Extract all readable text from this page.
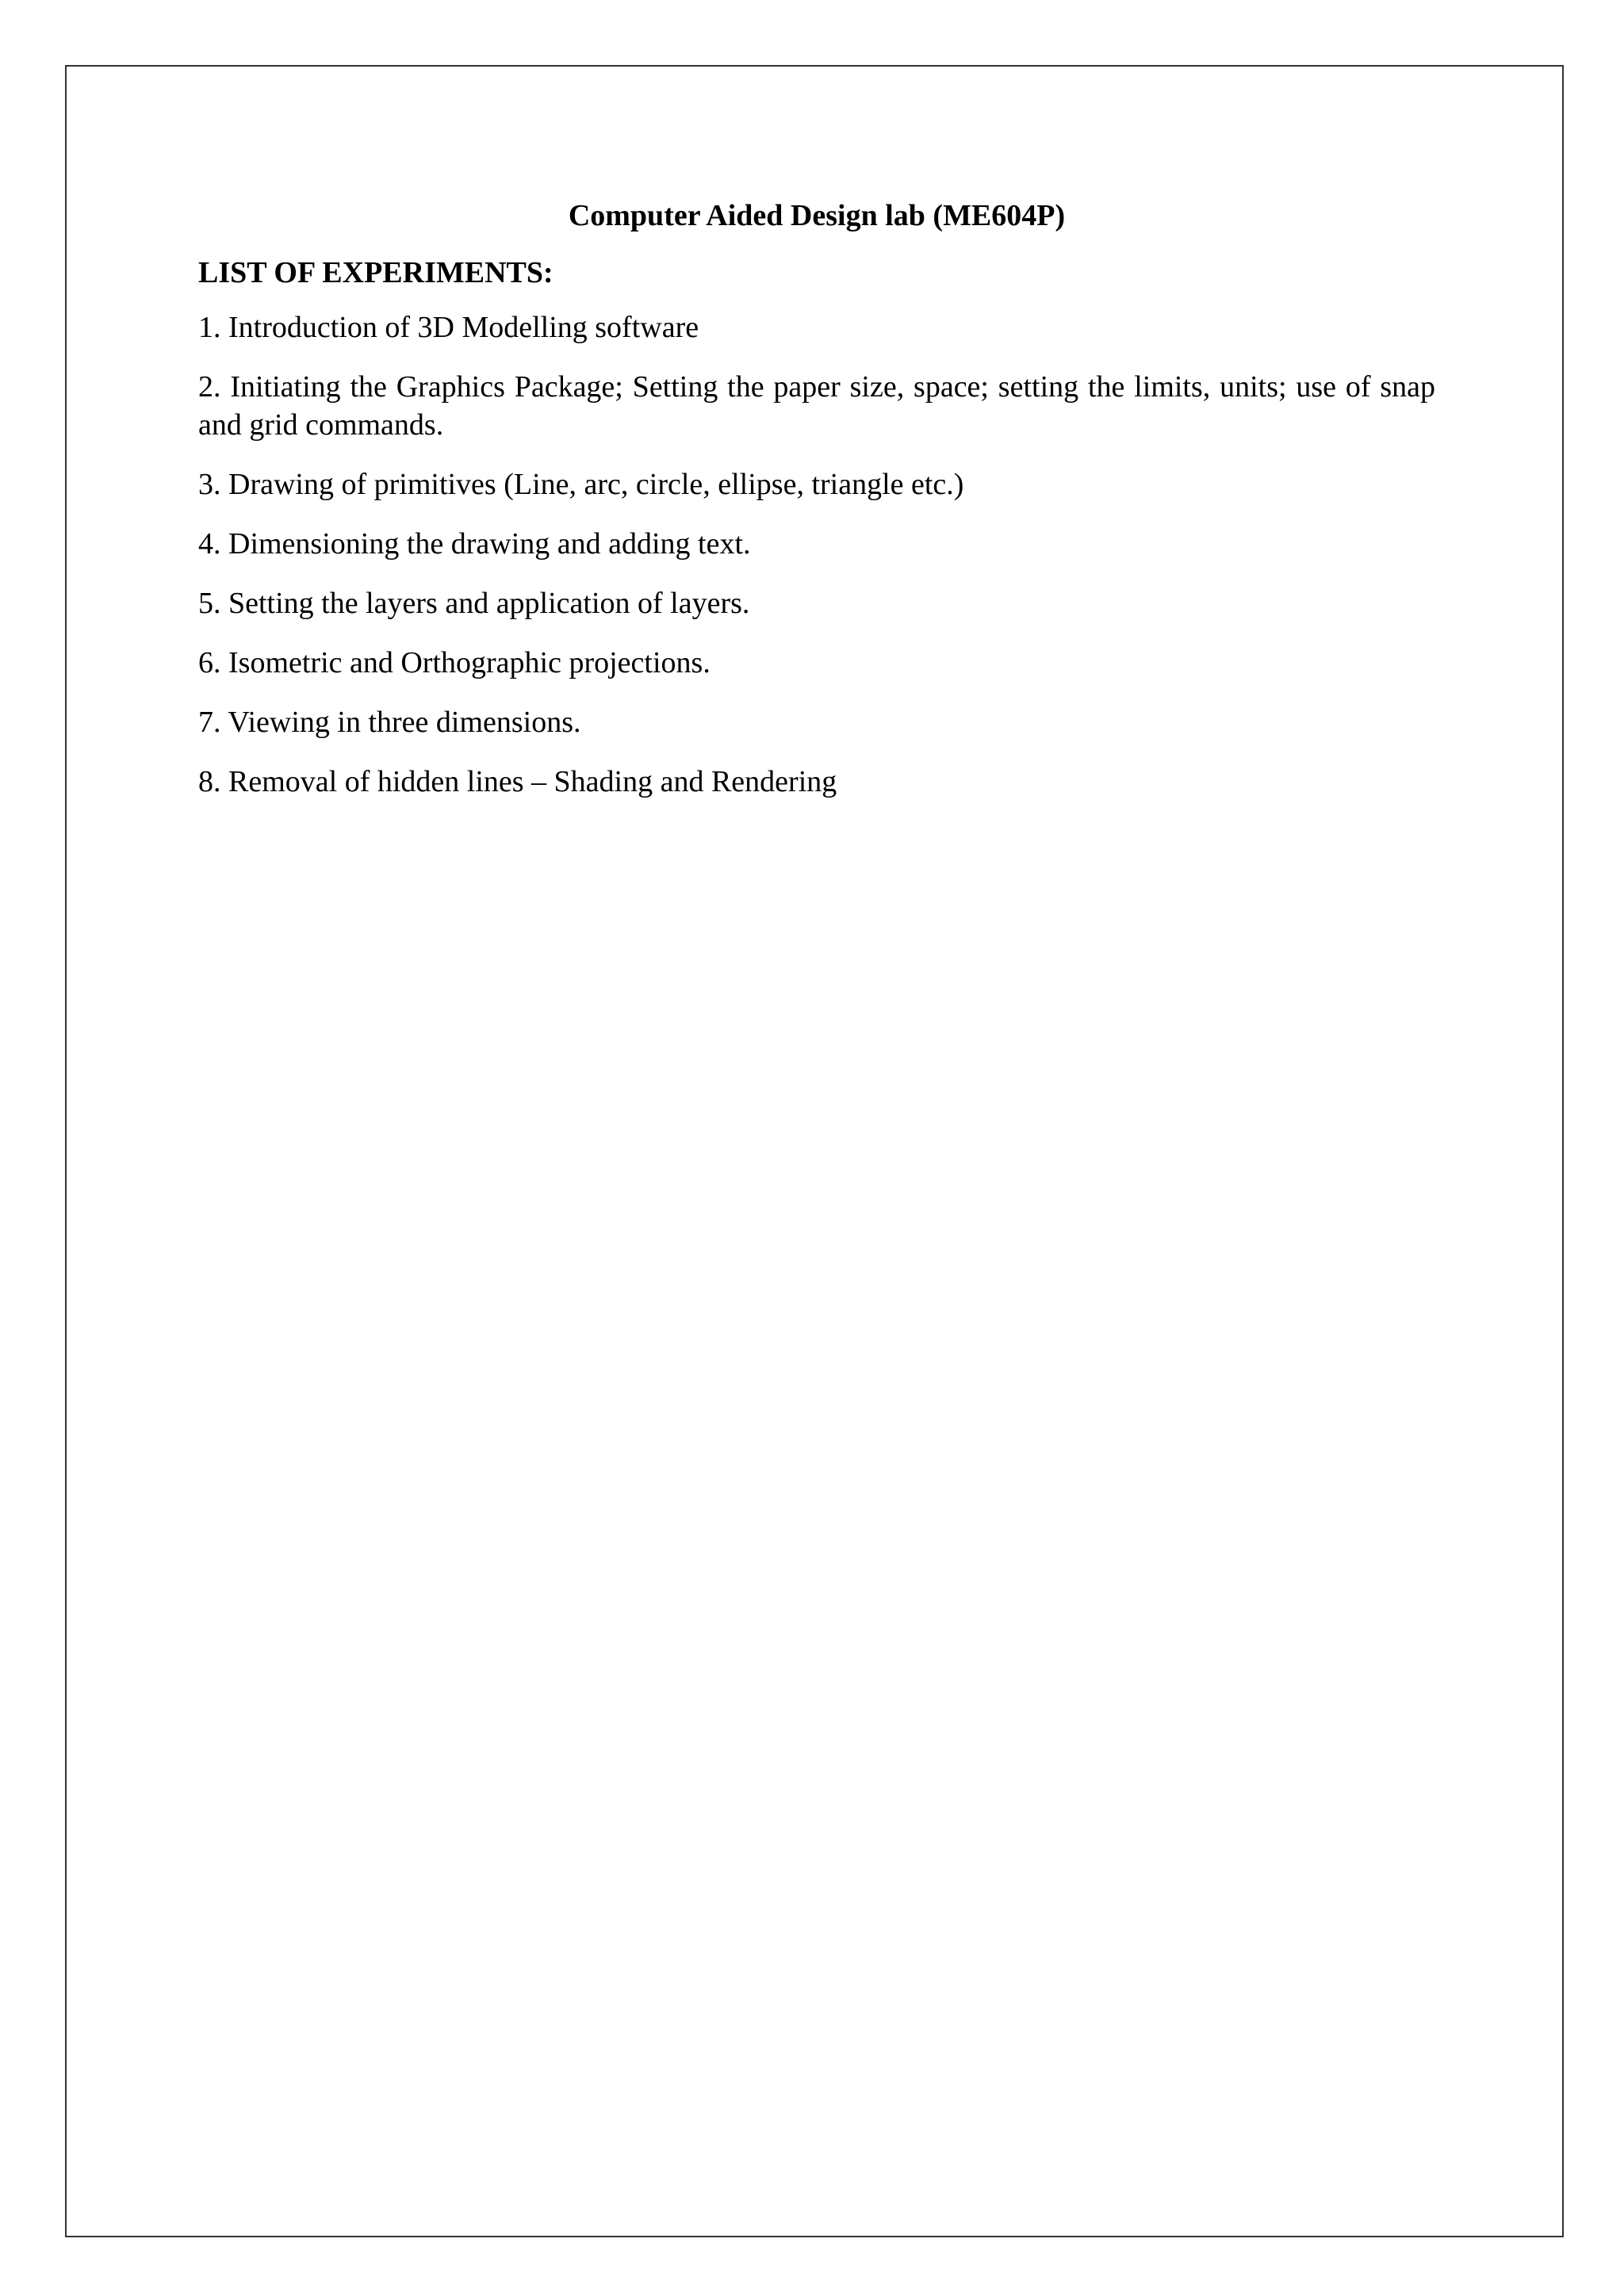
Computer Aided Design lab (ME604P)
LIST OF EXPERIMENTS:
1. Introduction of 3D Modelling software
2. Initiating the Graphics Package; Setting the paper size, space; setting the limits, units; use of snap and grid commands.
3. Drawing of primitives (Line, arc, circle, ellipse, triangle etc.)
4. Dimensioning the drawing and adding text.
5. Setting the layers and application of layers.
6. Isometric and Orthographic projections.
7. Viewing in three dimensions.
8. Removal of hidden lines – Shading and Rendering
